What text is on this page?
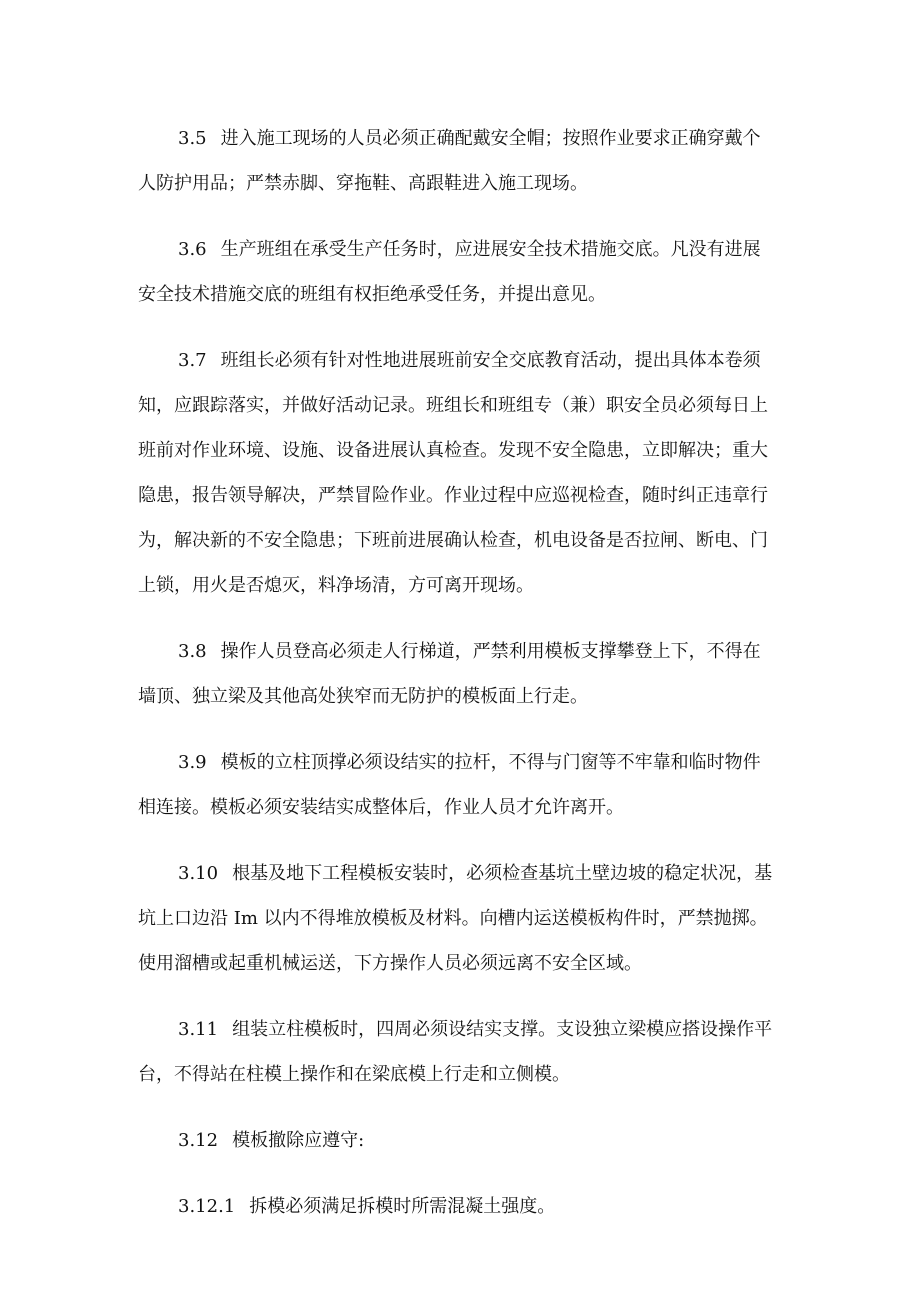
3.5 进入施工现场的人员必须正确配戴安全帽；按照作业要求正确穿戴个
人防护用品；严禁赤脚、穿拖鞋、高跟鞋进入施工现场。
3.6 生产班组在承受生产任务时，应进展安全技术措施交底。凡没有进展
安全技术措施交底的班组有权拒绝承受任务，并提出意见。
3.7 班组长必须有针对性地进展班前安全交底教育活动，提出具体本卷须
知，应跟踪落实，并做好活动记录。班组长和班组专（兼）职安全员必须每日上
班前对作业环境、设施、设备进展认真检查。发现不安全隐患，立即解决；重大
隐患，报告领导解决，严禁冒险作业。作业过程中应巡视检查，随时纠正违章行
为，解决新的不安全隐患；下班前进展确认检查，机电设备是否拉闸、断电、门
上锁，用火是否熄灭，料净场清，方可离开现场。
3.8 操作人员登高必须走人行梯道，严禁利用模板支撑攀登上下，不得在
墙顶、独立梁及其他高处狭窄而无防护的模板面上行走。
3.9 模板的立柱顶撑必须设结实的拉杆，不得与门窗等不牢靠和临时物件
相连接。模板必须安装结实成整体后，作业人员才允许离开。
3.10 根基及地下工程模板安装时，必须检查基坑土壁边坡的稳定状况，基
坑上口边沿 Im 以内不得堆放模板及材料。向槽内运送模板构件时，严禁抛掷。
使用溜槽或起重机械运送，下方操作人员必须远离不安全区域。
3.11 组装立柱模板时，四周必须设结实支撑。支设独立梁模应搭设操作平
台，不得站在柱模上操作和在梁底模上行走和立侧模。
3.12 模板撤除应遵守:
3.12.1 拆模必须满足拆模时所需混凝土强度。
